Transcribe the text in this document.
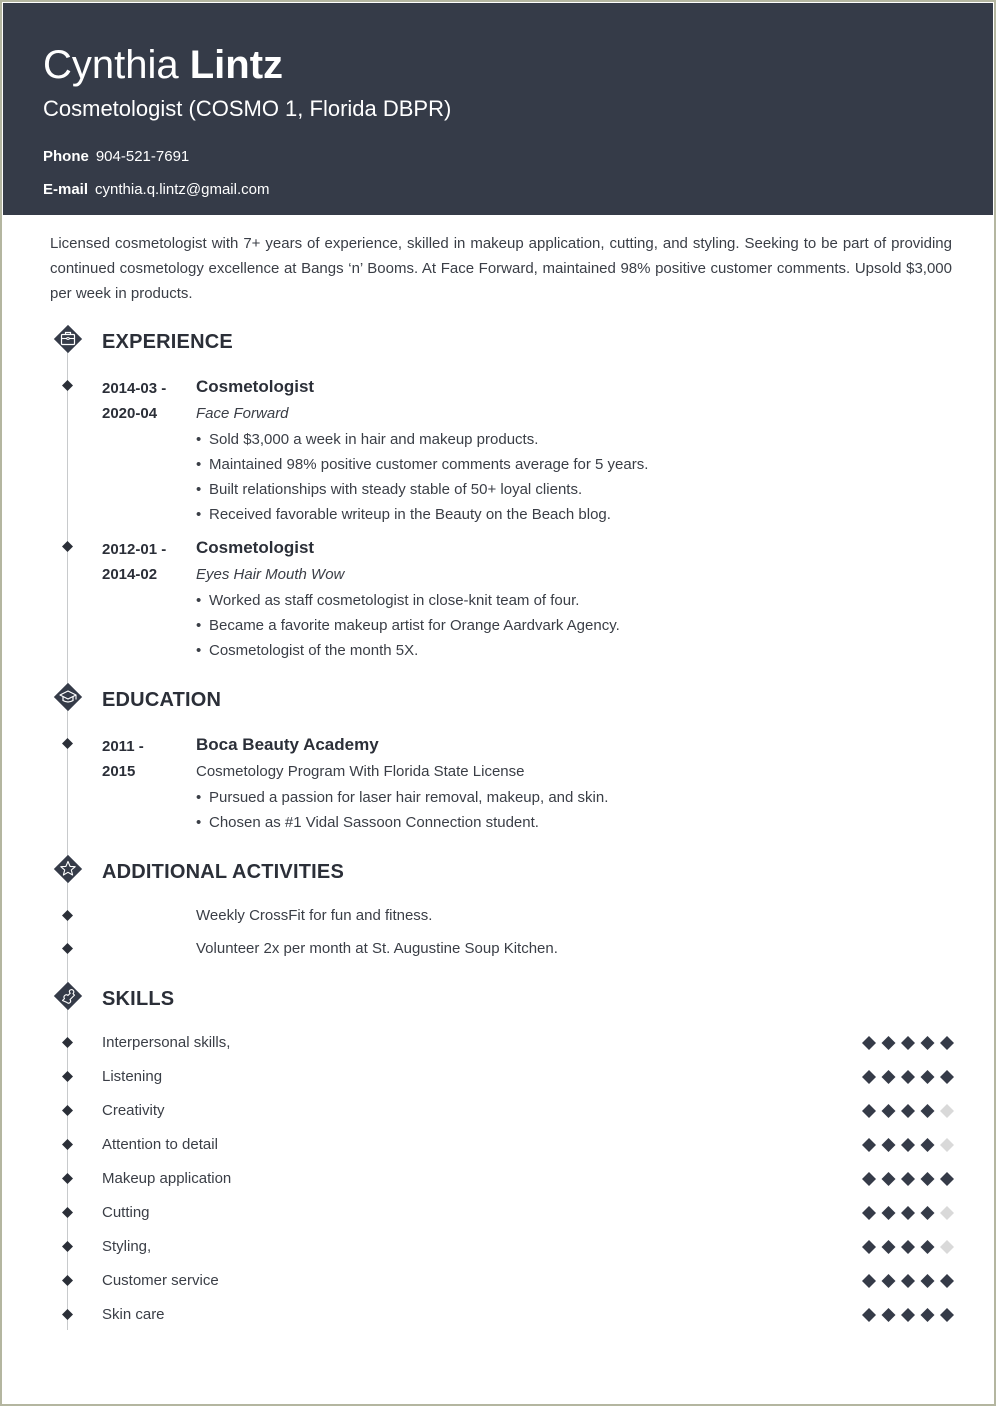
Cynthia Lintz
Cosmetologist (COSMO 1, Florida DBPR)
Phone 904-521-7691
E-mail cynthia.q.lintz@gmail.com

Licensed cosmetologist with 7+ years of experience, skilled in makeup application, cutting, and styling. Seeking to be part of providing continued cosmetology excellence at Bangs ‘n’ Booms. At Face Forward, maintained 98% positive customer comments. Upsold $3,000 per week in products.

EXPERIENCE
2014-03 -
2020-04
Cosmetologist
Face Forward
• Sold $3,000 a week in hair and makeup products.
• Maintained 98% positive customer comments average for 5 years.
• Built relationships with steady stable of 50+ loyal clients.
• Received favorable writeup in the Beauty on the Beach blog.
2012-01 -
2014-02
Cosmetologist
Eyes Hair Mouth Wow
• Worked as staff cosmetologist in close-knit team of four.
• Became a favorite makeup artist for Orange Aardvark Agency.
• Cosmetologist of the month 5X.
EDUCATION
2011 -
2015
Boca Beauty Academy
Cosmetology Program With Florida State License
• Pursued a passion for laser hair removal, makeup, and skin.
• Chosen as #1 Vidal Sassoon Connection student.
ADDITIONAL ACTIVITIES
Weekly CrossFit for fun and fitness.
Volunteer 2x per month at St. Augustine Soup Kitchen.
SKILLS
Interpersonal skills,
Listening
Creativity
Attention to detail
Makeup application
Cutting
Styling,
Customer service
Skin care
